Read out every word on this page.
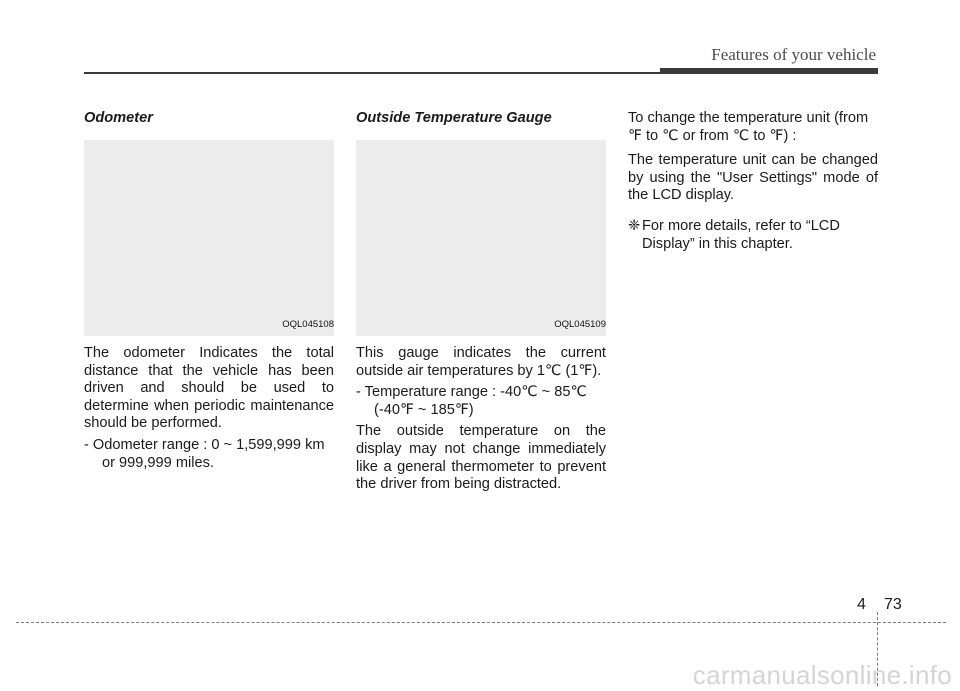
Features of your vehicle
Odometer
OQL045108

The odometer Indicates the total distance that the vehicle has been driven and should be used to determine when periodic maintenance should be performed.

- Odometer range : 0 ~ 1,599,999 km
or 999,999 miles.
Outside Temperature Gauge
OQL045109

This gauge indicates the current outside air temperatures by 1℃ (1℉).

- Temperature range : -40℃ ~ 85℃
(-40℉ ~ 185℉)

The outside temperature on the display may not change immediately like a general thermometer to prevent the driver from being distracted.

To change the temperature unit (from ℉ to ℃ or from ℃ to ℉) :

The temperature unit can be changed by using the "User Settings" mode of the LCD display.

❈ For more details, refer to “LCD Display” in this chapter.
4 73
carmanualsonline.info
